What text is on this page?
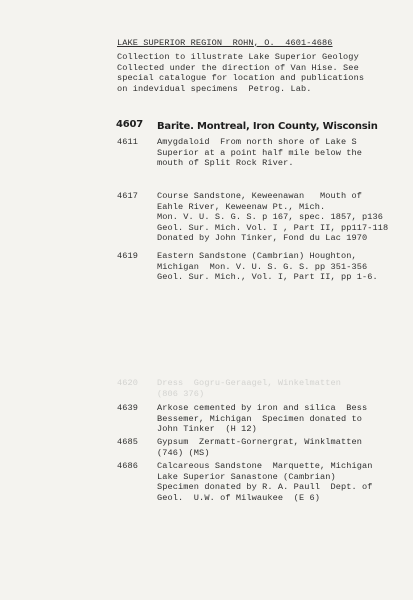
LAKE SUPERIOR REGION  ROHN, O.  4601-4686
Collection to illustrate Lake Superior Geology
Collected under the direction of Van Hise. See
special catalogue for location and publications
on indevidual specimens  Petrog. Lab.
4607 Barite. Montreal, Iron County, Wisconsin
4611 Amygdaloid  From north shore of Lake S
Superior at a point half mile below the
mouth of Split Rock River.
4617 Course Sandstone, Keweenawan   Mouth of
Eahle River, Keweenaw Pt., Mich.
Mon. V. U. S. G. S. p 167, spec. 1857, p136
Geol. Sur. Mich. Vol. I , Part II, pp117-118
Donated by John Tinker, Fond du Lac 1970
4619 Eastern Sandstone (Cambrian) Houghton,
Michigan  Mon. V. U. S. G. S. pp 351-356
Geol. Sur. Mich., Vol. I, Part II, pp 1-6.
4620 Dress  Gogru-Geraagel, Winkelmatten
(806 376)
4639 Arkose cemented by iron and silica  Bess
Bessemer, Michigan  Specimen donated to
John Tinker  (H 12)
4685 Gypsum  Zermatt-Gornergrat, Winklmatten
(746) (MS)
4686 Calcareous Sandstone  Marquette, Michigan
Lake Superior Sanastone (Cambrian)
Specimen donated by R. A. Paull  Dept. of
Geol.  U.W. of Milwaukee  (E 6)
